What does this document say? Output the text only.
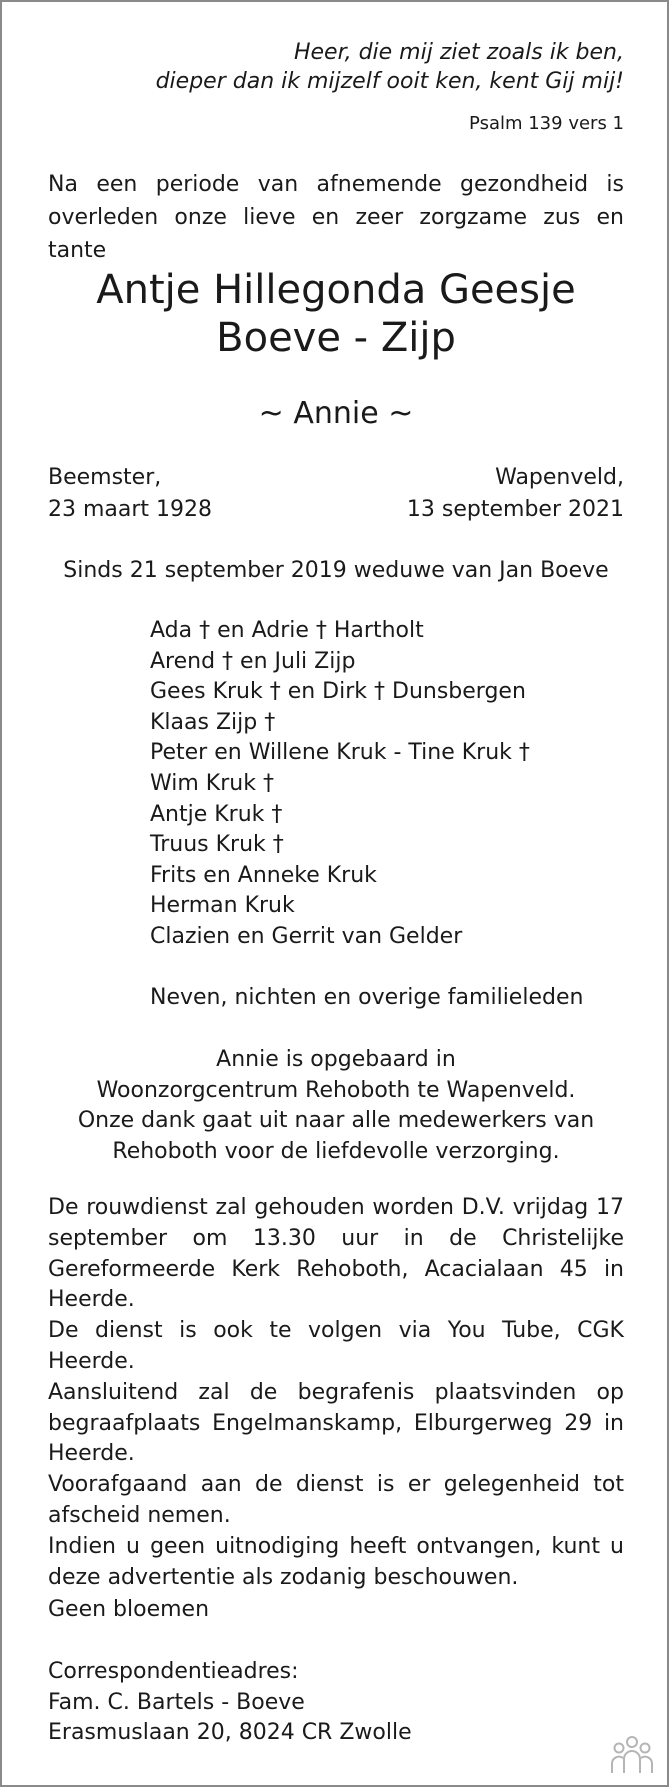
Heer, die mij ziet zoals ik ben,
dieper dan ik mijzelf ooit ken, kent Gij mij!
Psalm 139 vers 1
Na een periode van afnemende gezondheid is overleden onze lieve en zeer zorgzame zus en tante
Antje Hillegonda Geesje
Boeve - Zijp
~ Annie ~
Beemster,
23 maart 1928
Wapenveld,
13 september 2021
Sinds 21 september 2019 weduwe van Jan Boeve
Ada † en Adrie † Hartholt
Arend † en Juli Zijp
Gees Kruk † en Dirk † Dunsbergen
Klaas Zijp †
Peter en Willene Kruk - Tine Kruk †
Wim Kruk †
Antje Kruk †
Truus Kruk †
Frits en Anneke Kruk
Herman Kruk
Clazien en Gerrit van Gelder
Neven, nichten en overige familieleden
Annie is opgebaard in
Woonzorgcentrum Rehoboth te Wapenveld.
Onze dank gaat uit naar alle medewerkers van
Rehoboth voor de liefdevolle verzorging.

De rouwdienst zal gehouden worden D.V. vrijdag 17 september om 13.30 uur in de Christelijke Gereformeerde Kerk Rehoboth, Acacialaan 45 in Heerde.

De dienst is ook te volgen via You Tube, CGK Heerde.

Aansluitend zal de begrafenis plaatsvinden op begraafplaats Engelmanskamp, Elburgerweg 29 in Heerde.

Voorafgaand aan de dienst is er gelegenheid tot afscheid nemen.

Indien u geen uitnodiging heeft ontvangen, kunt u deze advertentie als zodanig beschouwen.

Geen bloemen
Correspondentieadres:
Fam. C. Bartels - Boeve
Erasmuslaan 20, 8024 CR Zwolle
